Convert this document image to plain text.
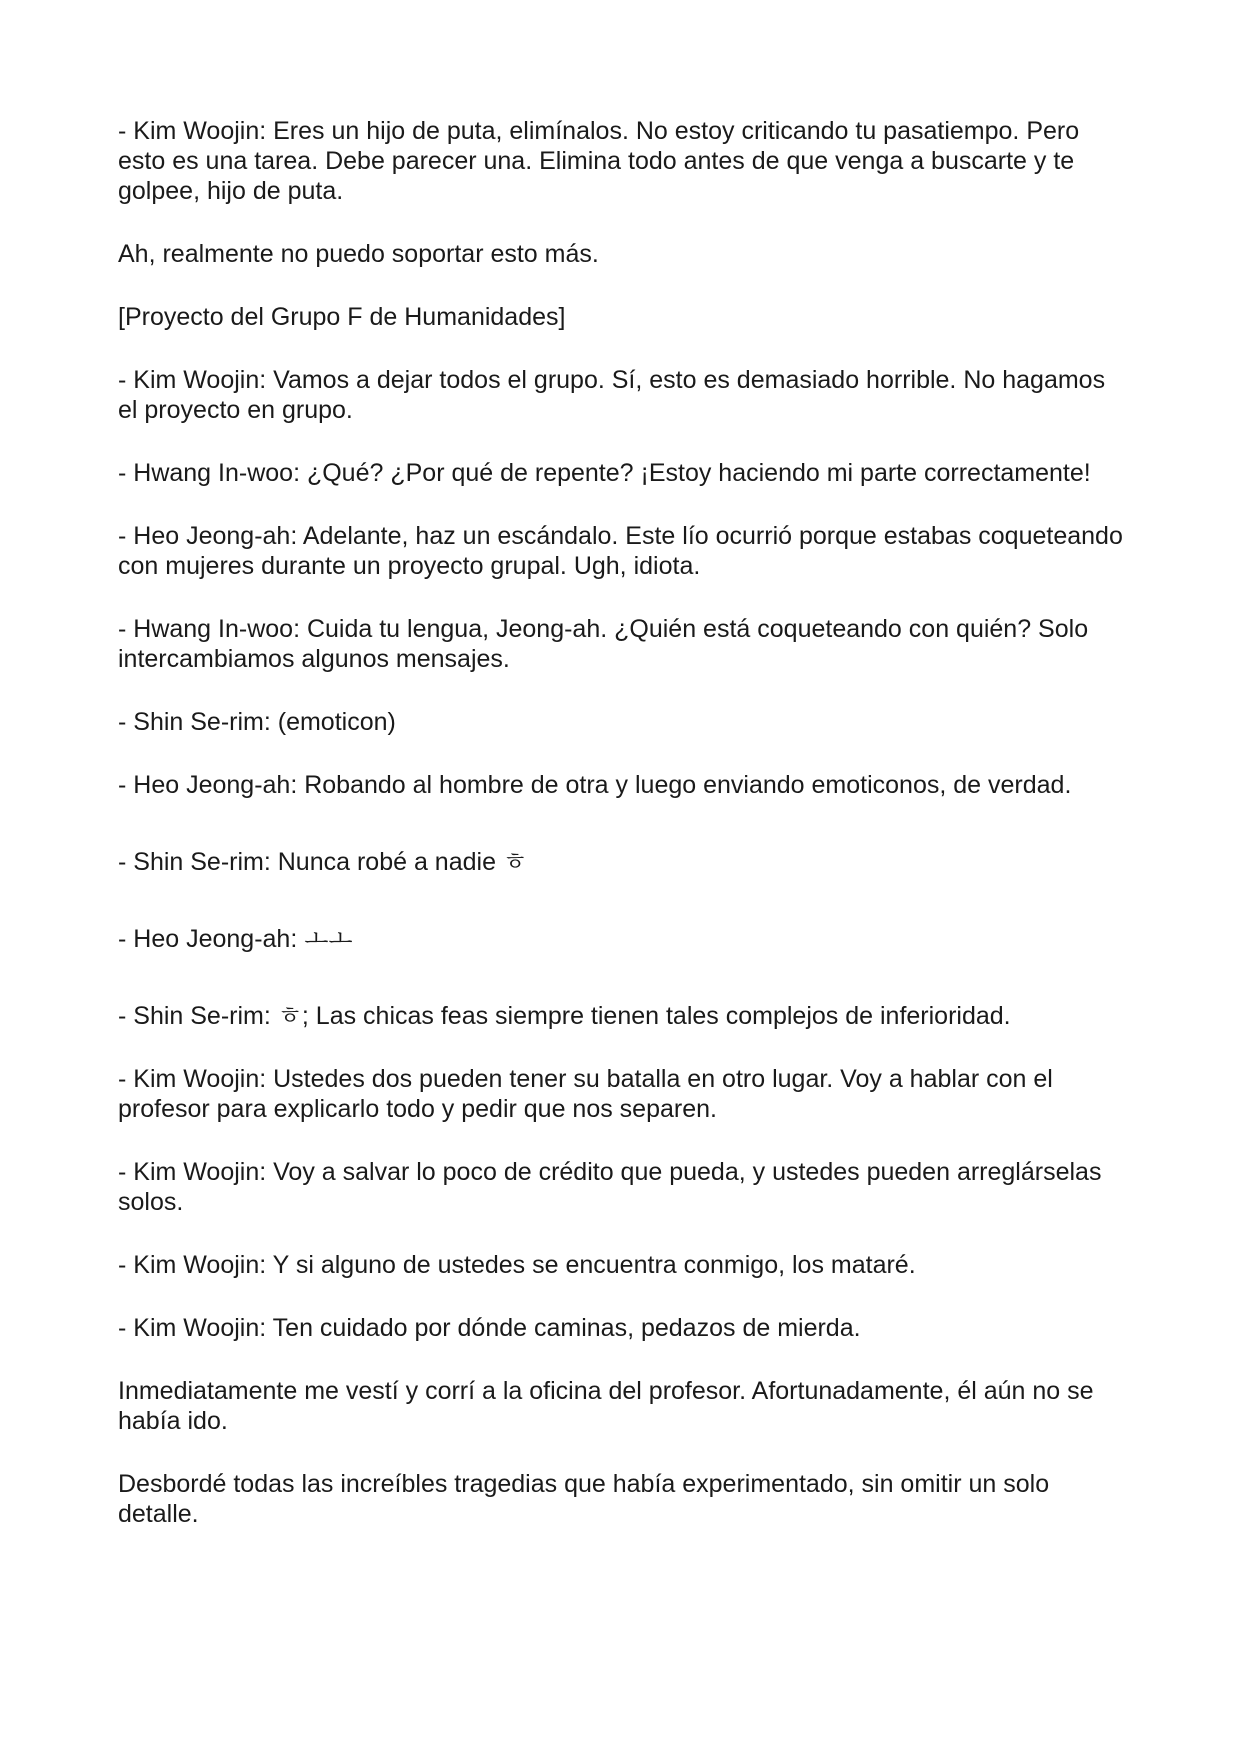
- Kim Woojin: Eres un hijo de puta, elimínalos. No estoy criticando tu pasatiempo. Pero esto es una tarea. Debe parecer una. Elimina todo antes de que venga a buscarte y te golpee, hijo de puta.

Ah, realmente no puedo soportar esto más.

[Proyecto del Grupo F de Humanidades]

- Kim Woojin: Vamos a dejar todos el grupo. Sí, esto es demasiado horrible. No hagamos el proyecto en grupo.

- Hwang In-woo: ¿Qué? ¿Por qué de repente? ¡Estoy haciendo mi parte correctamente!

- Heo Jeong-ah: Adelante, haz un escándalo. Este lío ocurrió porque estabas coqueteando con mujeres durante un proyecto grupal. Ugh, idiota.

- Hwang In-woo: Cuida tu lengua, Jeong-ah. ¿Quién está coqueteando con quién? Solo intercambiamos algunos mensajes.

- Shin Se-rim: (emoticon)

- Heo Jeong-ah: Robando al hombre de otra y luego enviando emoticonos, de verdad.

- Shin Se-rim: Nunca robé a nadie ㅎ

- Heo Jeong-ah: ㅗㅗ

- Shin Se-rim: ㅎ; Las chicas feas siempre tienen tales complejos de inferioridad.

- Kim Woojin: Ustedes dos pueden tener su batalla en otro lugar. Voy a hablar con el profesor para explicarlo todo y pedir que nos separen.

- Kim Woojin: Voy a salvar lo poco de crédito que pueda, y ustedes pueden arreglárselas solos.

- Kim Woojin: Y si alguno de ustedes se encuentra conmigo, los mataré.

- Kim Woojin: Ten cuidado por dónde caminas, pedazos de mierda.

Inmediatamente me vestí y corrí a la oficina del profesor. Afortunadamente, él aún no se había ido.

Desbordé todas las increíbles tragedias que había experimentado, sin omitir un solo detalle.
